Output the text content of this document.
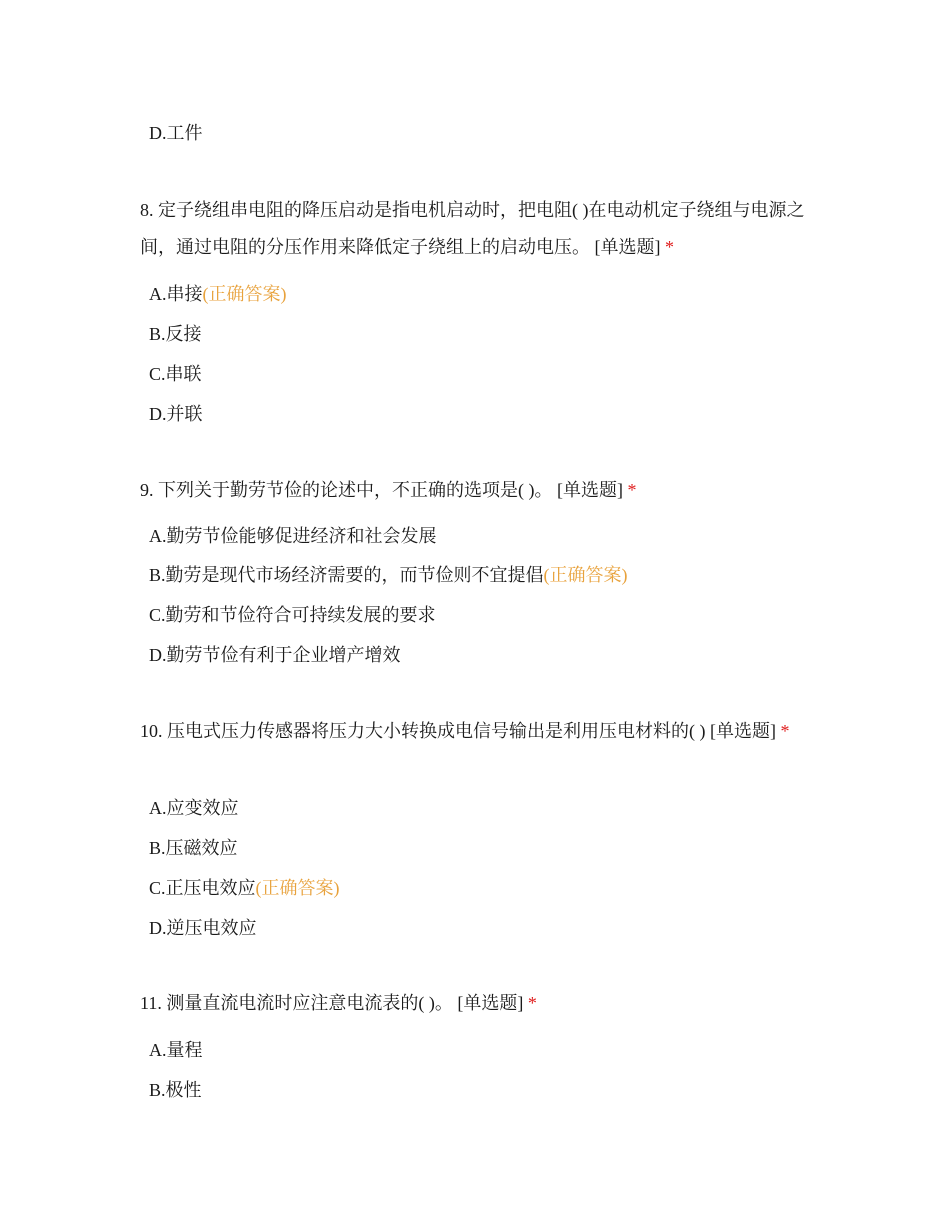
D.工件
8. 定子绕组串电阻的降压启动是指电机启动时，把电阻( )在电动机定子绕组与电源之间，通过电阻的分压作用来降低定子绕组上的启动电压。 [单选题] *
A.串接(正确答案)
B.反接
C.串联
D.并联
9. 下列关于勤劳节俭的论述中，不正确的选项是( )。 [单选题] *
A.勤劳节俭能够促进经济和社会发展
B.勤劳是现代市场经济需要的，而节俭则不宜提倡(正确答案)
C.勤劳和节俭符合可持续发展的要求
D.勤劳节俭有利于企业增产增效
10. 压电式压力传感器将压力大小转换成电信号输出是利用压电材料的( ) [单选题] *
A.应变效应
B.压磁效应
C.正压电效应(正确答案)
D.逆压电效应
11. 测量直流电流时应注意电流表的( )。 [单选题] *
A.量程
B.极性
